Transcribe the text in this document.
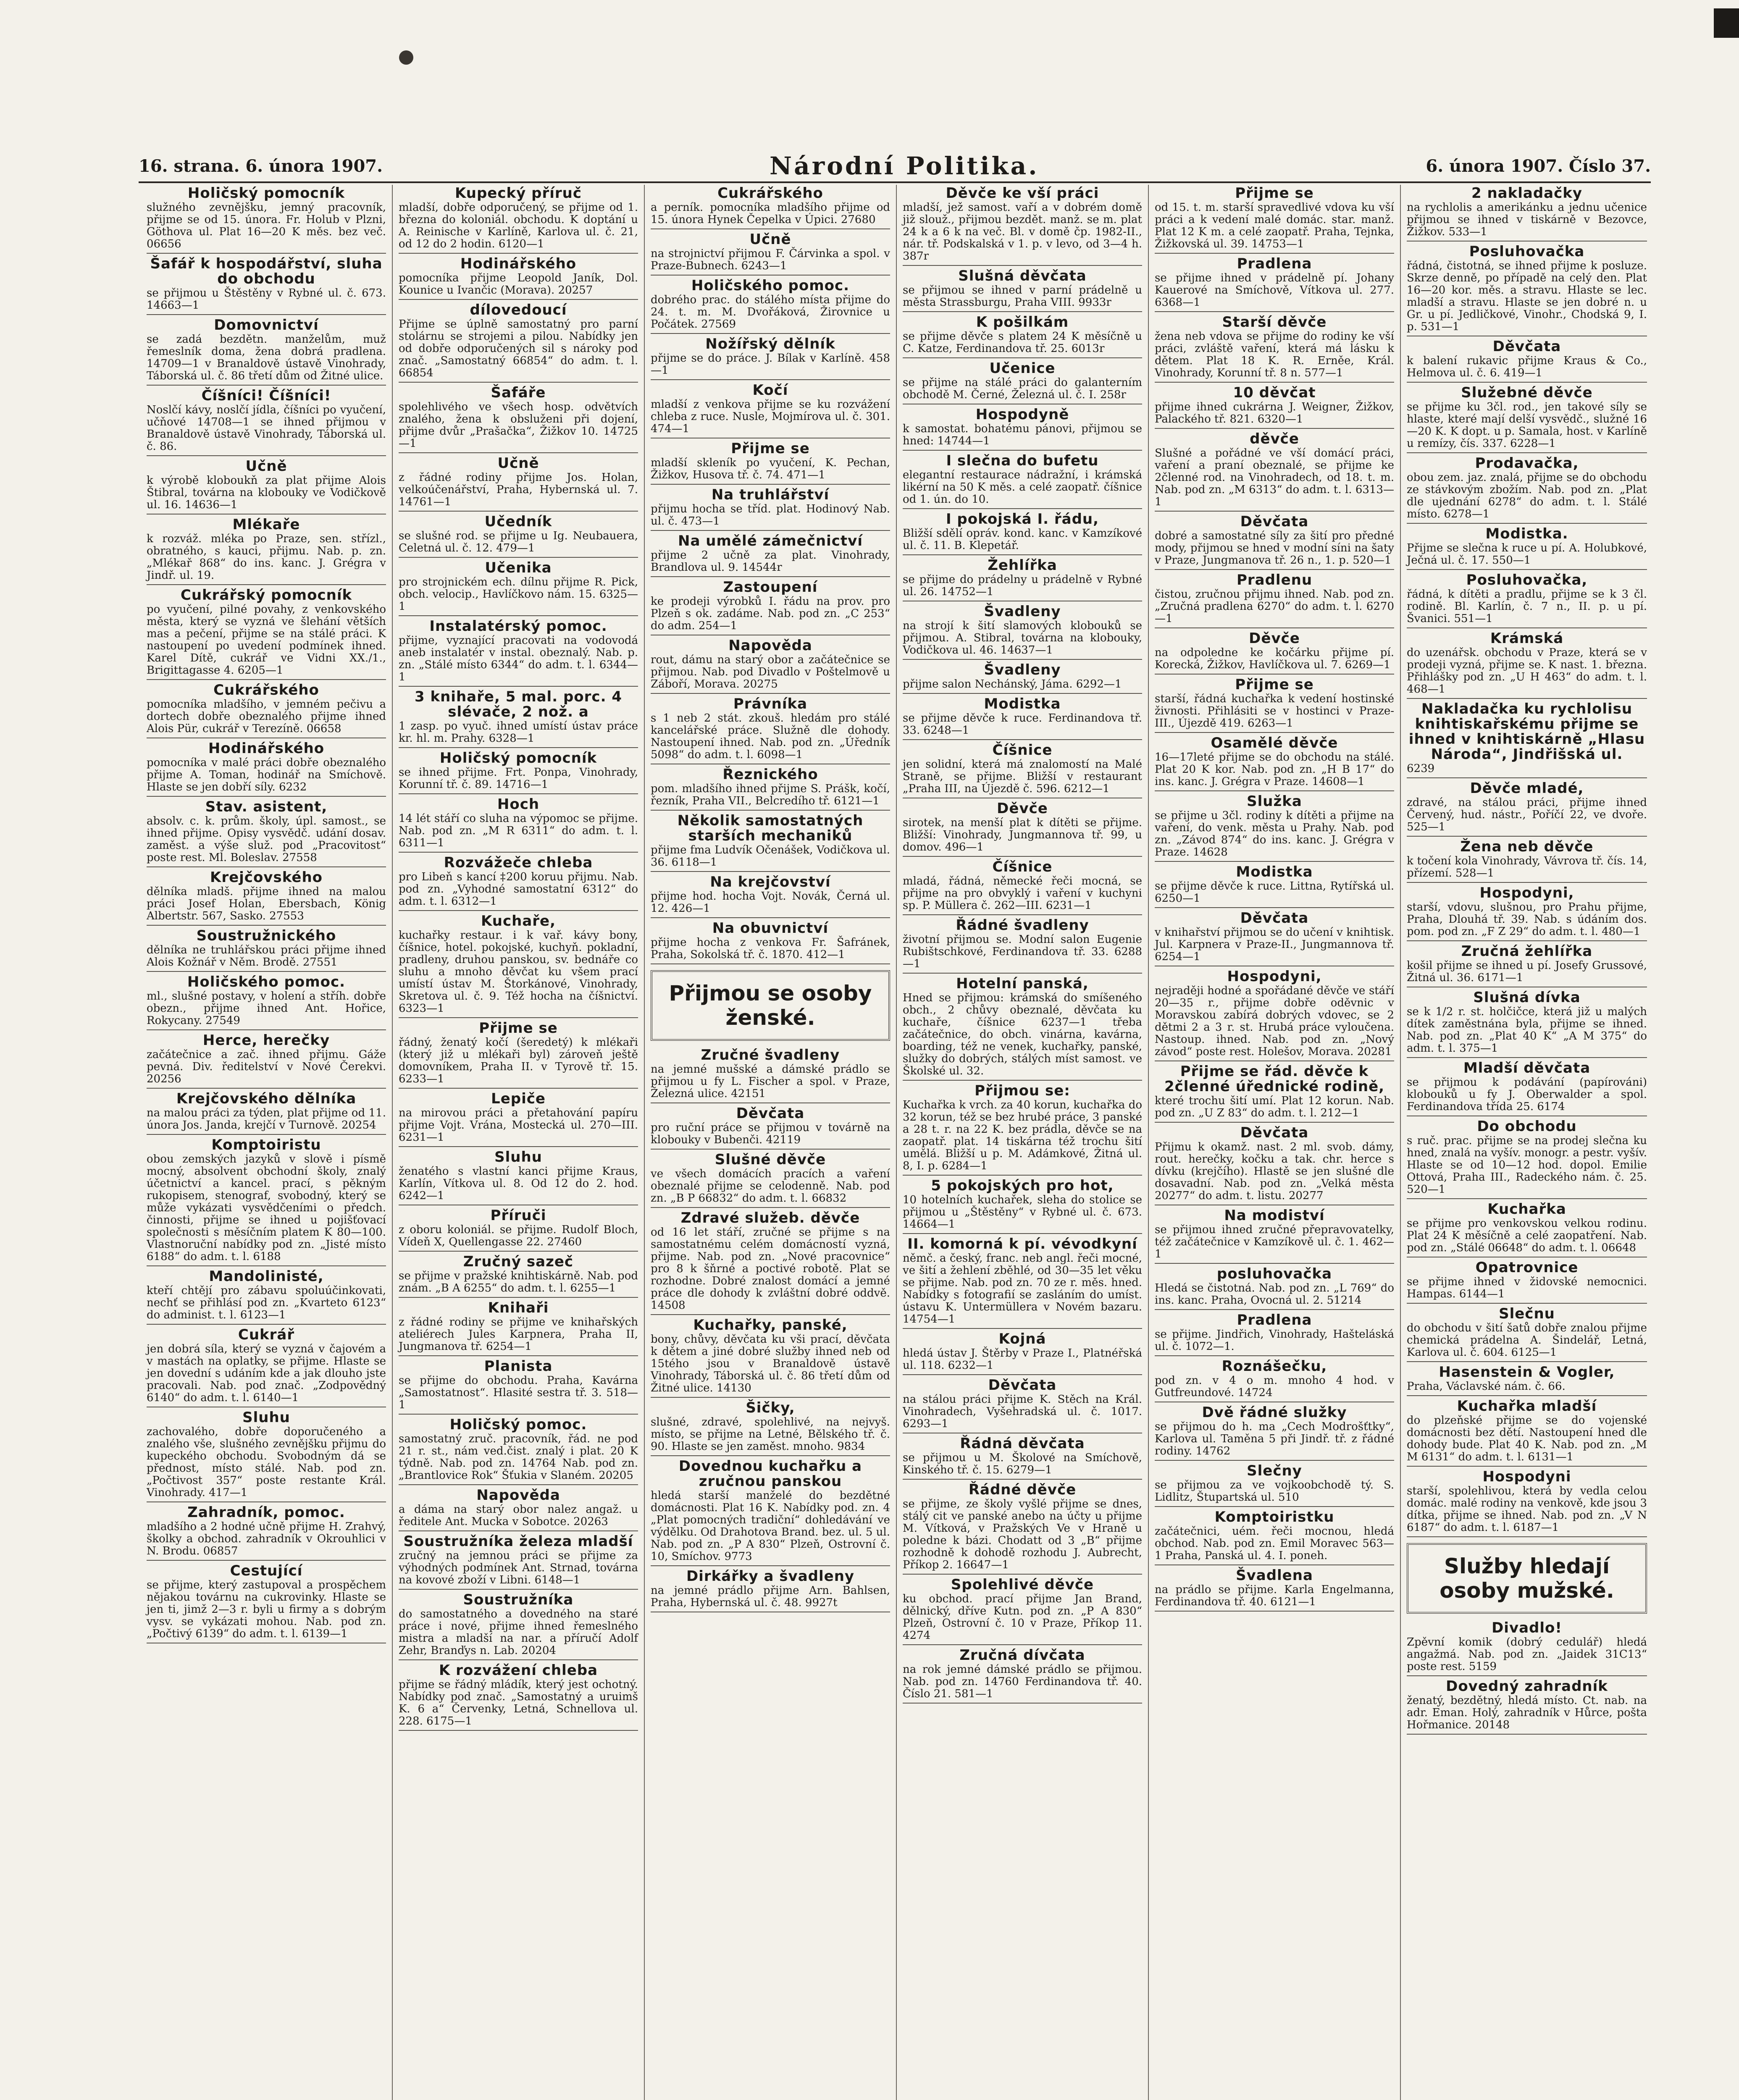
16. strana. 6. února 1907.	Národní Politika.	6. února 1907. Číslo 37.
Holičský pomocník

služného zevnějšku, jemný pracovník, přijme se od 15. února. Fr. Holub v Plzni, Göthova ul. Plat 16—20 K měs. bez več. 06656

Šafář k hospodářství, sluha do obchodu

se přijmou u Štěstěny v Rybné ul. č. 673. 14663—1

Domovnictví

se zadá bezdětn. manželům, muž řemeslník doma, žena dobrá pradlena. 14709—1 v Branaldově ústavě Vinohrady, Táborská ul. č. 86 třetí dům od Žitné ulice.

Číšníci! Číšníci!

Noslčí kávy, noslčí jídla, číšníci po vyučení, učňové 14708—1 se ihned přijmou v Branaldově ústavě Vinohrady, Táborská ul. č. 86.

Učně

k výrobě kloboukň za plat přijme Alois Štibral, továrna na klobouky ve Vodičkově ul. 16. 14636—1

Mlékaře

k rozváž. mléka po Praze, sen. střízl., obratného, s kauci, přijmu. Nab. p. zn. „Mlékař 868“ do ins. kanc. J. Grégra v Jindř. ul. 19.

Cukrářský pomocník

po vyučení, pilné povahy, z venkovského města, který se vyzná ve šlehání větších mas a pečení, přijme se na stálé práci. K nastoupení po uvedení podmínek ihned. Karel Dítě, cukrář ve Vidni XX./1., Brigittagasse 4. 6205—1

Cukrářského

pomocníka mladšího, v jemném pečivu a dortech dobře obeznalého přijme ihned Alois Pür, cukrář v Terezíně. 06658

Hodinářského

pomocníka v malé práci dobře obeznalého přijme A. Toman, hodinář na Smíchově. Hlaste se jen dobří síly. 6232

Stav. asistent,

absolv. c. k. prům. školy, úpl. samost., se ihned přijme. Opisy vysvědč. udání dosav. zaměst. a výše služ. pod „Pracovitost“ poste rest. Ml. Boleslav. 27558

Krejčovského

dělníka mladš. přijme ihned na malou práci Josef Holan, Ebersbach, König Albertstr. 567, Sasko. 27553

Soustružnického

dělníka ne truhlářskou práci přijme ihned Alois Kožnář v Něm. Brodě. 27551

Holičského pomoc.

ml., slušné postavy, v holení a stříh. dobře obezn., přijme ihned Ant. Hořice, Rokycany. 27549

Herce, herečky

začátečnice a zač. ihned přijmu. Gáže pevná. Div. ředitelství v Nové Čerekvi. 20256

Krejčovského dělníka

na malou práci za týden, plat přijme od 11. února Jos. Janda, krejčí v Turnově. 20254

Komptoiristu

obou zemských jazyků v slově i písmě mocný, absolvent obchodní školy, znalý účetnictví a kancel. prací, s pěkným rukopisem, stenograf, svobodný, který se může vykázati vysvědčeními o předch. činnosti, přijme se ihned u pojišťovací společnosti s měsíčním platem K 80—100. Vlastnoruční nabídky pod zn. „Jisté místo 6188“ do adm. t. l. 6188

Mandolinisté,

kteří chtějí pro zábavu spoluúčinkovati, nechť se přihlásí pod zn. „Kvarteto 6123“ do administ. t. l. 6123—1

Cukrář

jen dobrá síla, který se vyzná v čajovém a v mastách na oplatky, se přijme. Hlaste se jen dovední s udáním kde a jak dlouho jste pracovali. Nab. pod znač. „Zodpovědný 6140“ do adm. t. l. 6140—1

Sluhu

zachovalého, dobře doporučeného a znalého vše, slušného zevnějšku přijmu do kupeckého obchodu. Svobodným dá se přednost, místo stálé. Nab. pod zn. „Počtivost 357“ poste restante Král. Vinohrady. 417—1

Zahradník, pomoc.

mladšího a 2 hodné učně přijme H. Zrahvý, školky a obchod. zahradník v Okrouhlici v N. Brodu. 06857

Cestující

se přijme, který zastupoval a prospěchem nějakou továrnu na cukrovinky. Hlaste se jen ti, jimž 2—3 r. byli u firmy a s dobrým vysv. se vykázati mohou. Nab. pod zn. „Počtivý 6139“ do adm. t. l. 6139—1

Kupecký příruč

mladší, dobře odporučený, se přijme od 1. března do koloniál. obchodu. K doptání u A. Reinische v Karlíně, Karlova ul. č. 21, od 12 do 2 hodin. 6120—1

Hodinářského

pomocníka přijme Leopold Janík, Dol. Kounice u Ivančic (Morava). 20257

dílovedoucí

Přijme se úplně samostatný pro parní stolárnu se strojemi a pilou. Nabídky jen od dobře odporučených sil s nároky pod znač. „Samostatný 66854“ do adm. t. l. 66854

Šafáře

spolehlivého ve všech hosp. odvětvích znalého, žena k obsluženi při dojení, přijme dvůr „Prašačka“, Žižkov 10. 14725—1

Učně

z řádné rodiny přijme Jos. Holan, velkoúčenářství, Praha, Hybernská ul. 7. 14761—1

Učedník

se slušné rod. se přijme u Ig. Neubauera, Celetná ul. č. 12. 479—1

Učenika

pro strojnickém ech. dílnu přijme R. Pick, obch. velocip., Havlíčkovo nám. 15. 6325—1

Instalatérský pomoc.

přijme, vyznající pracovati na vodovodá aneb instalatér v instal. obeznalý. Nab. p. zn. „Stálé místo 6344“ do adm. t. l. 6344—1

3 knihaře, 5 mal. porc. 4 slévače, 2 nož. a

1 zasp. po vyuč. ihned umístí ústav práce kr. hl. m. Prahy. 6328—1

Holičský pomocník

se ihned přijme. Frt. Ponpa, Vinohrady, Korunní tř. č. 89. 14716—1

Hoch

14 lét stáří co sluha na výpomoc se přijme. Nab. pod zn. „M R 6311“ do adm. t. l. 6311—1

Rozvážeče chleba

pro Libeň s kancí ‡200 koruu přijmu. Nab. pod zn. „Vyhodné samostatní 6312“ do adm. t. l. 6312—1

Kuchaře,

kuchařky restaur. i k vař. kávy bony, číšnice, hotel. pokojské, kuchyň. pokladní, pradleny, druhou panskou, sv. bednáře co sluhu a mnoho děvčat ku všem prací umístí ústav M. Štorkánové, Vinohrady, Skretova ul. č. 9. Též hocha na číšnictví. 6323—1

Přijme se

řádný, ženatý kočí (šeredetý) k mlékaři (který již u mlékaři byl) zároveň ještě domovníkem, Praha II. v Tyrově tř. 15. 6233—1

Lepiče

na mirovou práci a přetahování papíru přijme Vojt. Vrána, Mostecká ul. 270—III. 6231—1

Sluhu

ženatého s vlastní kanci přijme Kraus, Karlín, Vítkova ul. 8. Od 12 do 2. hod. 6242—1

Příruči

z oboru koloniál. se přijme. Rudolf Bloch, Vídeň X, Quellengasse 22. 27460

Zručný sazeč

se přijme v pražské knihtiskárně. Nab. pod znám. „B A 6255“ do adm. t. l. 6255—1

Knihaři

z řádné rodiny se přijme ve knihařských ateliérech Jules Karpnera, Praha II, Jungmanova tř. 6254—1

Planista

se přijme do obchodu. Praha, Kavárna „Samostatnost“. Hlasité sestra tř. 3. 518—1

Holičský pomoc.

samostatný zruč. pracovník, řád. ne pod 21 r. st., nám ved.čist. znalý i plat. 20 K týdně. Nab. pod zn. 14764 Nab. pod zn. „Brantlovice Rok“ Šťukia v Slaném. 20205

Napověda

a dáma na starý obor nalez angaž. u ředitele Ant. Mucka v Sobotce. 20263

Soustružníka železa mladší

zručný na jemnou práci se přijme za výhodných podmínek Ant. Strnad, továrna na kovové zboží v Libni. 6148—1

Soustružníka

do samostatného a dovedného na staré práce i nové, přijme ihned řemeslného mistra a mladší na nar. a příručí Adolf Zehr, Branďys n. Lab. 20204

K rozvážení chleba

přijme se řádný mládík, který jest ochotný. Nabídky pod znač. „Samostatný a uruimš K. 6 a“ Červenky, Letná, Schnellova ul. 228. 6175—1

Cukrářského

a perník. pomocníka mladšího přijme od 15. února Hynek Čepelka v Úpici. 27680

Učně

na strojnictví přijmou F. Čárvinka a spol. v Praze-Bubnech. 6243—1

Holičského pomoc.

dobrého prac. do stálého místa přijme do 24. t. m. M. Dvořáková, Žirovnice u Počátek. 27569

Nožířský dělník

přijme se do práce. J. Bílak v Karlíně. 458—1

Kočí

mladší z venkova přijme se ku rozvážení chleba z ruce. Nusle, Mojmírova ul. č. 301. 474—1

Přijme se

mladší skleník po vyučení, K. Pechan, Žižkov, Husova tř. č. 74. 471—1

Na truhlářství

přijmu hocha se tříd. plat. Hodinový Nab. ul. č. 473—1

Na umělé zámečnictví

přijme 2 učně za plat. Vinohrady, Brandlova ul. 9. 14544r

Zastoupení

ke prodeji výrobků I. řádu na prov. pro Plzeň s ok. zadáme. Nab. pod zn. „C 253“ do adm. 254—1

Napověda

rout, dámu na starý obor a začátečnice se přijmou. Nab. pod Divadlo v Poštelmově u Záboří, Morava. 20275

Právníka

s 1 neb 2 stát. zkouš. hledám pro stálé kancelářské práce. Služně dle dohody. Nastoupení ihned. Nab. pod zn. „Úředník 5098“ do adm. t. l. 6098—1

Řeznického

pom. mladšího ihned přijme S. Prášk, kočí, řezník, Praha VII., Belcredího tř. 6121—1

Několik samostatných starších mechaniků

přijme fma Ludvík Očenášek, Vodičkova ul. 36. 6118—1

Na krejčovství

přijme hod. hocha Vojt. Novák, Černá ul. 12. 426—1

Na obuvnictví

přijme hocha z venkova Fr. Šafránek, Praha, Sokolská tř. č. 1870. 412—1

Přijmou se osoby ženské.
Zručné švadleny

na jemné mušské a dámské prádlo se přijmou u fy L. Fischer a spol. v Praze, Železná ulice. 42151

Děvčata

pro ruční práce se přijmou v továrně na klobouky v Bubenči. 42119

Slušné děvče

ve všech domácích pracích a vaření obeznalé přijme se celodenně. Nab. pod zn. „B P 66832“ do adm. t. l. 66832

Zdravé služeb. děvče

od 16 let stáří, zručné se přijme s na samostatnému celém domácností vyzná, přijme. Nab. pod zn. „Nové pracovnice“ pro 8 k šňrné a poctivé robotě. Plat se rozhodne. Dobré znalost domácí a jemné práce dle dohody k zvláštní dobré oddvě. 14508

Kuchařky, panské,

bony, chůvy, děvčata ku vši prací, děvčata k dětem a jiné dobré služby ihned neb od 15tého jsou v Branaldově ústavě Vinohrady, Táborská ul. č. 86 třetí dům od Žitné ulice. 14130

Šičky,

slušné, zdravé, spolehlivé, na nejvyš. místo, se přijme na Letné, Bělského tř. č. 90. Hlaste se jen zaměst. mnoho. 9834

Dovednou kuchařku a zručnou panskou

hledá starší manželé do bezdětné domácnosti. Plat 16 K. Nabídky pod. zn. 4 „Plat pomocných tradiční“ dohledávání ve výdělku. Od Drahotova Brand. bez. ul. 5 ul. Nab. pod zn. „P A 830“ Plzeň, Ostrovní č. 10, Smíchov. 9773

Dirkářky a švadleny

na jemné prádlo přijme Arn. Bahlsen, Praha, Hybernská ul. č. 48. 9927t

Děvče ke vší práci

mladší, jež samost. vaří a v dobrém domě již slouž., přijmou bezdět. manž. se m. plat 24 k a 6 k na več. Bl. v domě čp. 1982-II., nár. tř. Podskalská v 1. p. v levo, od 3—4 h. 387r

Slušná děvčata

se přijmou se ihned v parní prádelně u města Strassburgu, Praha VIII. 9933r

K pošilkám

se přijme děvče s platem 24 K měsíčně u C. Katze, Ferdinandova tř. 25. 6013r

Učenice

se přijme na stálé práci do galanterním obchodě M. Černé, Železná ul. č. I. 258r

Hospodyně

k samostat. bohatému pánovi, přijmou se hned: 14744—1

I slečna do bufetu

elegantní restaurace nádražní, i krámská likérní na 50 K měs. a celé zaopatř. číšnice od 1. ún. do 10.

I pokojská I. řádu,

Bližší sdělí opráv. kond. kanc. v Kamzíkové ul. č. 11. B. Klepetář.

Žehlířka

se přijme do prádelny u prádelně v Rybné ul. 26. 14752—1

Švadleny

na strojí k šití slamových klobouků se přijmou. A. Stibral, továrna na klobouky, Vodičkova ul. 46. 14637—1

Švadleny

přijme salon Nechánský, Jáma. 6292—1

Modistka

se přijme děvče k ruce. Ferdinandova tř. 33. 6248—1

Číšnice

jen solidní, která má znalomostí na Malé Straně, se přijme. Bližší v restaurant „Praha III, na Újezdě č. 596. 6212—1

Děvče

sirotek, na menší plat k dítěti se přijme. Bližší: Vinohrady, Jungmannova tř. 99, u domov. 496—1

Číšnice

mladá, řádná, německé řeči mocná, se přijme na pro obvyklý i vaření v kuchyni sp. P. Müllera č. 262—III. 6231—1

Řádné švadleny

životní přijmou se. Modní salon Eugenie Rubištschkové, Ferdinandova tř. 33. 6288—1

Hotelní panská,

Hned se přijmou: krámská do smíšeného obch., 2 chůvy obeznalé, děvčata ku kuchaře, číšnice 6237—1 třeba začátečnice, do obch. vinárna, kavárna, boarding, též ne venek, kuchařky, panské, služky do dobrých, stálých míst samost. ve Školské ul. 32.

Přijmou se:

Kuchařka k vrch. za 40 korun, kuchařka do 32 korun, též se bez hrubé práce, 3 panské a 28 t. r. na 22 K. bez prádla, děvče se na zaopatř. plat. 14 tiskárna též trochu šití umělá. Bližší u p. M. Adámkové, Žitná ul. 8, I. p. 6284—1

5 pokojských pro hot,

10 hotelních kuchařek, sleha do stolice se přijmou u „Štěstěny“ v Rybné ul. č. 673. 14664—1

II. komorná k pí. vévodkyní

němč. a český, franc. neb angl. řeči mocné, ve šití a žehlení zběhlé, od 30—35 let věku se přijme. Nab. pod zn. 70 ze r. měs. hned. Nabídky s fotografií se zasláním do umíst. ústavu K. Untermüllera v Novém bazaru. 14754—1

Kojná

hledá ústav J. Štěrby v Praze I., Platnéřská ul. 118. 6232—1

Děvčata

na stálou práci přijme K. Stěch na Král. Vinohradech, Vyšehradská ul. č. 1017. 6293—1

Řádná děvčata

se přijmou u M. Školové na Smíchově, Kinského tř. č. 15. 6279—1

Řádné děvče

se přijme, ze školy vyšlé přijme se dnes, stálý cit ve panské anebo na účty u přijme M. Vítková, v Pražských Ve v Hraně u poledne k bázi. Chodatt od 3 „B“ přijme rozhodně k dohodě rozhodu J. Aubrecht, Příkop 2. 16647—1

Spolehlivé děvče

ku obchod. prací přijme Jan Brand, dělnický, dříve Kutn. pod zn. „P A 830“ Plzeň, Ostrovní č. 10 v Praze, Příkop 11. 4274

Zručná dívčata

na rok jemné dámské prádlo se přijmou. Nab. pod zn. 14760 Ferdinandova tř. 40. Číslo 21. 581—1

Přijme se

od 15. t. m. starší spravedlivé vdova ku vší práci a k vedení malé domác. star. manž. Plat 12 K m. a celé zaopatř. Praha, Tejnka, Žižkovská ul. 39. 14753—1

Pradlena

se přijme ihned v prádelně pí. Johany Kauerové na Smíchově, Vítkova ul. 277. 6368—1

Starší děvče

žena neb vdova se přijme do rodiny ke vší práci, zvláště vaření, která má lásku k dětem. Plat 18 K. R. Erněe, Král. Vinohrady, Korunní tř. 8 n. 577—1

10 děvčat

přijme ihned cukrárna J. Weigner, Žižkov, Palackého tř. 821. 6320—1

děvče

Slušné a pořádné ve vší domácí práci, vaření a praní obeznalé, se přijme ke 2členné rod. na Vinohradech, od 18. t. m. Nab. pod zn. „M 6313“ do adm. t. l. 6313—1

Děvčata

dobré a samostatné síly za šití pro předné mody, přijmou se hned v modní síni na šaty v Praze, Jungmanova tř. 26 n., 1. p. 520—1

Pradlenu

čistou, zručnou přijmu ihned. Nab. pod zn. „Zručná pradlena 6270“ do adm. t. l. 6270—1

Děvče

na odpoledne ke kočárku přijme pí. Korecká, Žižkov, Havlíčkova ul. 7. 6269—1

Přijme se

starší, řádná kuchařka k vedení hostinské živnosti. Přihlásiti se v hostinci v Praze-III., Újezdě 419. 6263—1

Osamělé děvče

16—17leté přijme se do obchodu na stálé. Plat 20 K kor. Nab. pod zn. „H B 17“ do ins. kanc. J. Grégra v Praze. 14608—1

Služka

se přijme u 3čl. rodiny k dítěti a přijme na vaření, do venk. města u Prahy. Nab. pod zn. „Závod 874“ do ins. kanc. J. Grégra v Praze. 14628

Modistka

se přijme děvče k ruce. Littna, Rytířská ul. 6250—1

Děvčata

v knihařství přijmou se do učení v knihtisk. Jul. Karpnera v Praze-II., Jungmannova tř. 6254—1

Hospodyni,

nejraději hodné a spořádané děvče ve stáří 20—35 r., přijme dobře oděvnic v Moravskou zabírá dobrých vdovec, se 2 dětmi 2 a 3 r. st. Hrubá práce vyloučena. Nastoup. ihned. Nab. pod zn. „Nový závod“ poste rest. Holešov, Morava. 20281

Přijme se řád. děvče k 2členné úřednické rodině,

které trochu šití umí. Plat 12 korun. Nab. pod zn. „U Z 83“ do adm. t. l. 212—1

Děvčata

Přijmu k okamž. nast. 2 ml. svob. dámy, rout. herečky, kočku a tak. chr. herce s dívku (krejčího). Hlastě se jen slušné dle dosavadní. Nab. pod zn. „Velká města 20277“ do adm. t. listu. 20277

Na modiství

se přijmou ihned zručné přepravovatelky, též začátečnice v Kamzíkově ul. č. 1. 462—1

posluhovačka

Hledá se čistotná. Nab. pod zn. „L 769“ do ins. kanc. Praha, Ovocná ul. 2. 51214

Pradlena

se přijme. Jindřich, Vinohrady, Hašteláská ul. č. 1072—1.

Roznášečku,

pod zn. v 4 o m. mnoho 4 hod. v Gutfreundové. 14724

Dvě řádné služky

se přijmou do h. ma „Cech Modrošťtky“, Karlova ul. Taměna 5 při Jindř. tř. z řádné rodiny. 14762

Slečny

se přijmou za ve vojkoobchodě tý. S. Lidlitz, Štupartská ul. 510

Komptoiristku

začátečnici, uém. řeči mocnou, hledá obchod. Nab. pod zn. Emil Moravec 563—1 Praha, Panská ul. 4. I. poneh.

Švadlena

na prádlo se přijme. Karla Engelmanna, Ferdinandova tř. 40. 6121—1

2 nakladačky

na rychlolis a amerikánku a jednu učenice přijmou se ihned v tiskárně v Bezovce, Žižkov. 533—1

Posluhovačka

řádná, čistotná, se ihned přijme k posluze. Skrze denně, po případě na celý den. Plat 16—20 kor. měs. a stravu. Hlaste se lec. mladší a stravu. Hlaste se jen dobré n. u Gr. u pí. Jedličkové, Vinohr., Chodská 9, I. p. 531—1

Děvčata

k balení rukavic přijme Kraus & Co., Helmova ul. č. 6. 419—1

Služebné děvče

se přijme ku 3čl. rod., jen takové síly se hlaste, které mají delší vysvědč., služné 16—20 K. K dopt. u p. Samala, host. v Karlíně u remízy, čís. 337. 6228—1

Prodavačka,

obou zem. jaz. znalá, přijme se do obchodu ze stávkovým zbožím. Nab. pod zn. „Plat dle ujednání 6278“ do adm. t. l. Stálé místo. 6278—1

Modistka.

Přijme se slečna k ruce u pí. A. Holubkové, Ječná ul. č. 17. 550—1

Posluhovačka,

řádná, k dítěti a pradlu, přijme se k 3 čl. rodině. Bl. Karlín, č. 7 n., II. p. u pí. Švanici. 551—1

Krámská

do uzenářsk. obchodu v Praze, která se v prodeji vyzná, přijme se. K nast. 1. března. Přihlášky pod zn. „U H 463“ do adm. t. l. 468—1

Nakladačka ku rychlolisu knihtiskařskému přijme se ihned v knihtiskárně „Hlasu Národa“, Jindřišská ul.

6239

Děvče mladé,

zdravé, na stálou práci, přijme ihned Červený, hud. nástr., Poříčí 22, ve dvoře. 525—1

Žena neb děvče

k točení kola Vinohrady, Vávrova tř. čís. 14, přízemí. 528—1

Hospodyni,

starší, vdovu, slušnou, pro Prahu přijme, Praha, Dlouhá tř. 39. Nab. s údáním dos. pom. pod zn. „F Z 29“ do adm. t. l. 480—1

Zručná žehlířka

košil přijme se ihned u pí. Josefy Grussové, Žitná ul. 36. 6171—1

Slušná dívka

se k 1/2 r. st. holčičce, která již u malých dítek zaměstnána byla, přijme se ihned. Nab. pod zn. „Plat 40 K“ „A M 375“ do adm. t. l. 375—1

Mladší děvčata

se přijmou k podávání (papírováni) klobouků u fy J. Oberwalder a spol. Ferdinandova třída 25. 6174

Do obchodu

s ruč. prac. přijme se na prodej slečna ku hned, znalá na vyšív. monogr. a pestr. vyšív. Hlaste se od 10—12 hod. dopol. Emilie Ottová, Praha III., Radeckého nám. č. 25. 520—1

Kuchařka

se přijme pro venkovskou velkou rodinu. Plat 24 K měsíčně a celé zaopatření. Nab. pod zn. „Stálé 06648“ do adm. t. l. 06648

Opatrovnice

se přijme ihned v židovské nemocnici. Hampas. 6144—1

Slečnu

do obchodu v šití šatů dobře znalou přijme chemická prádelna A. Šindelář, Letná, Karlova ul. č. 604. 6125—1

Hasenstein & Vogler,

Praha, Václavské nám. č. 66.

Kuchařka mladší

do plzeňské přijme se do vojenské domácnosti bez dětí. Nastoupení hned dle dohody bude. Plat 40 K. Nab. pod zn. „M M 6131“ do adm. t. l. 6131—1

Hospodyni

starší, spolehlivou, která by vedla celou domác. malé rodiny na venkově, kde jsou 3 dítka, přijme se ihned. Nab. pod zn. „V N 6187“ do adm. t. l. 6187—1

Služby hledají osoby mužské.
Divadlo!

Zpěvní komik (dobrý cedulář) hledá angažmá. Nab. pod zn. „Jaidek 31C13“ poste rest. 5159

Dovedný zahradník

ženatý, bezdětný, hledá místo. Ct. nab. na adr. Eman. Holý, zahradník v Hůrce, pošta Hořmanice. 20148
